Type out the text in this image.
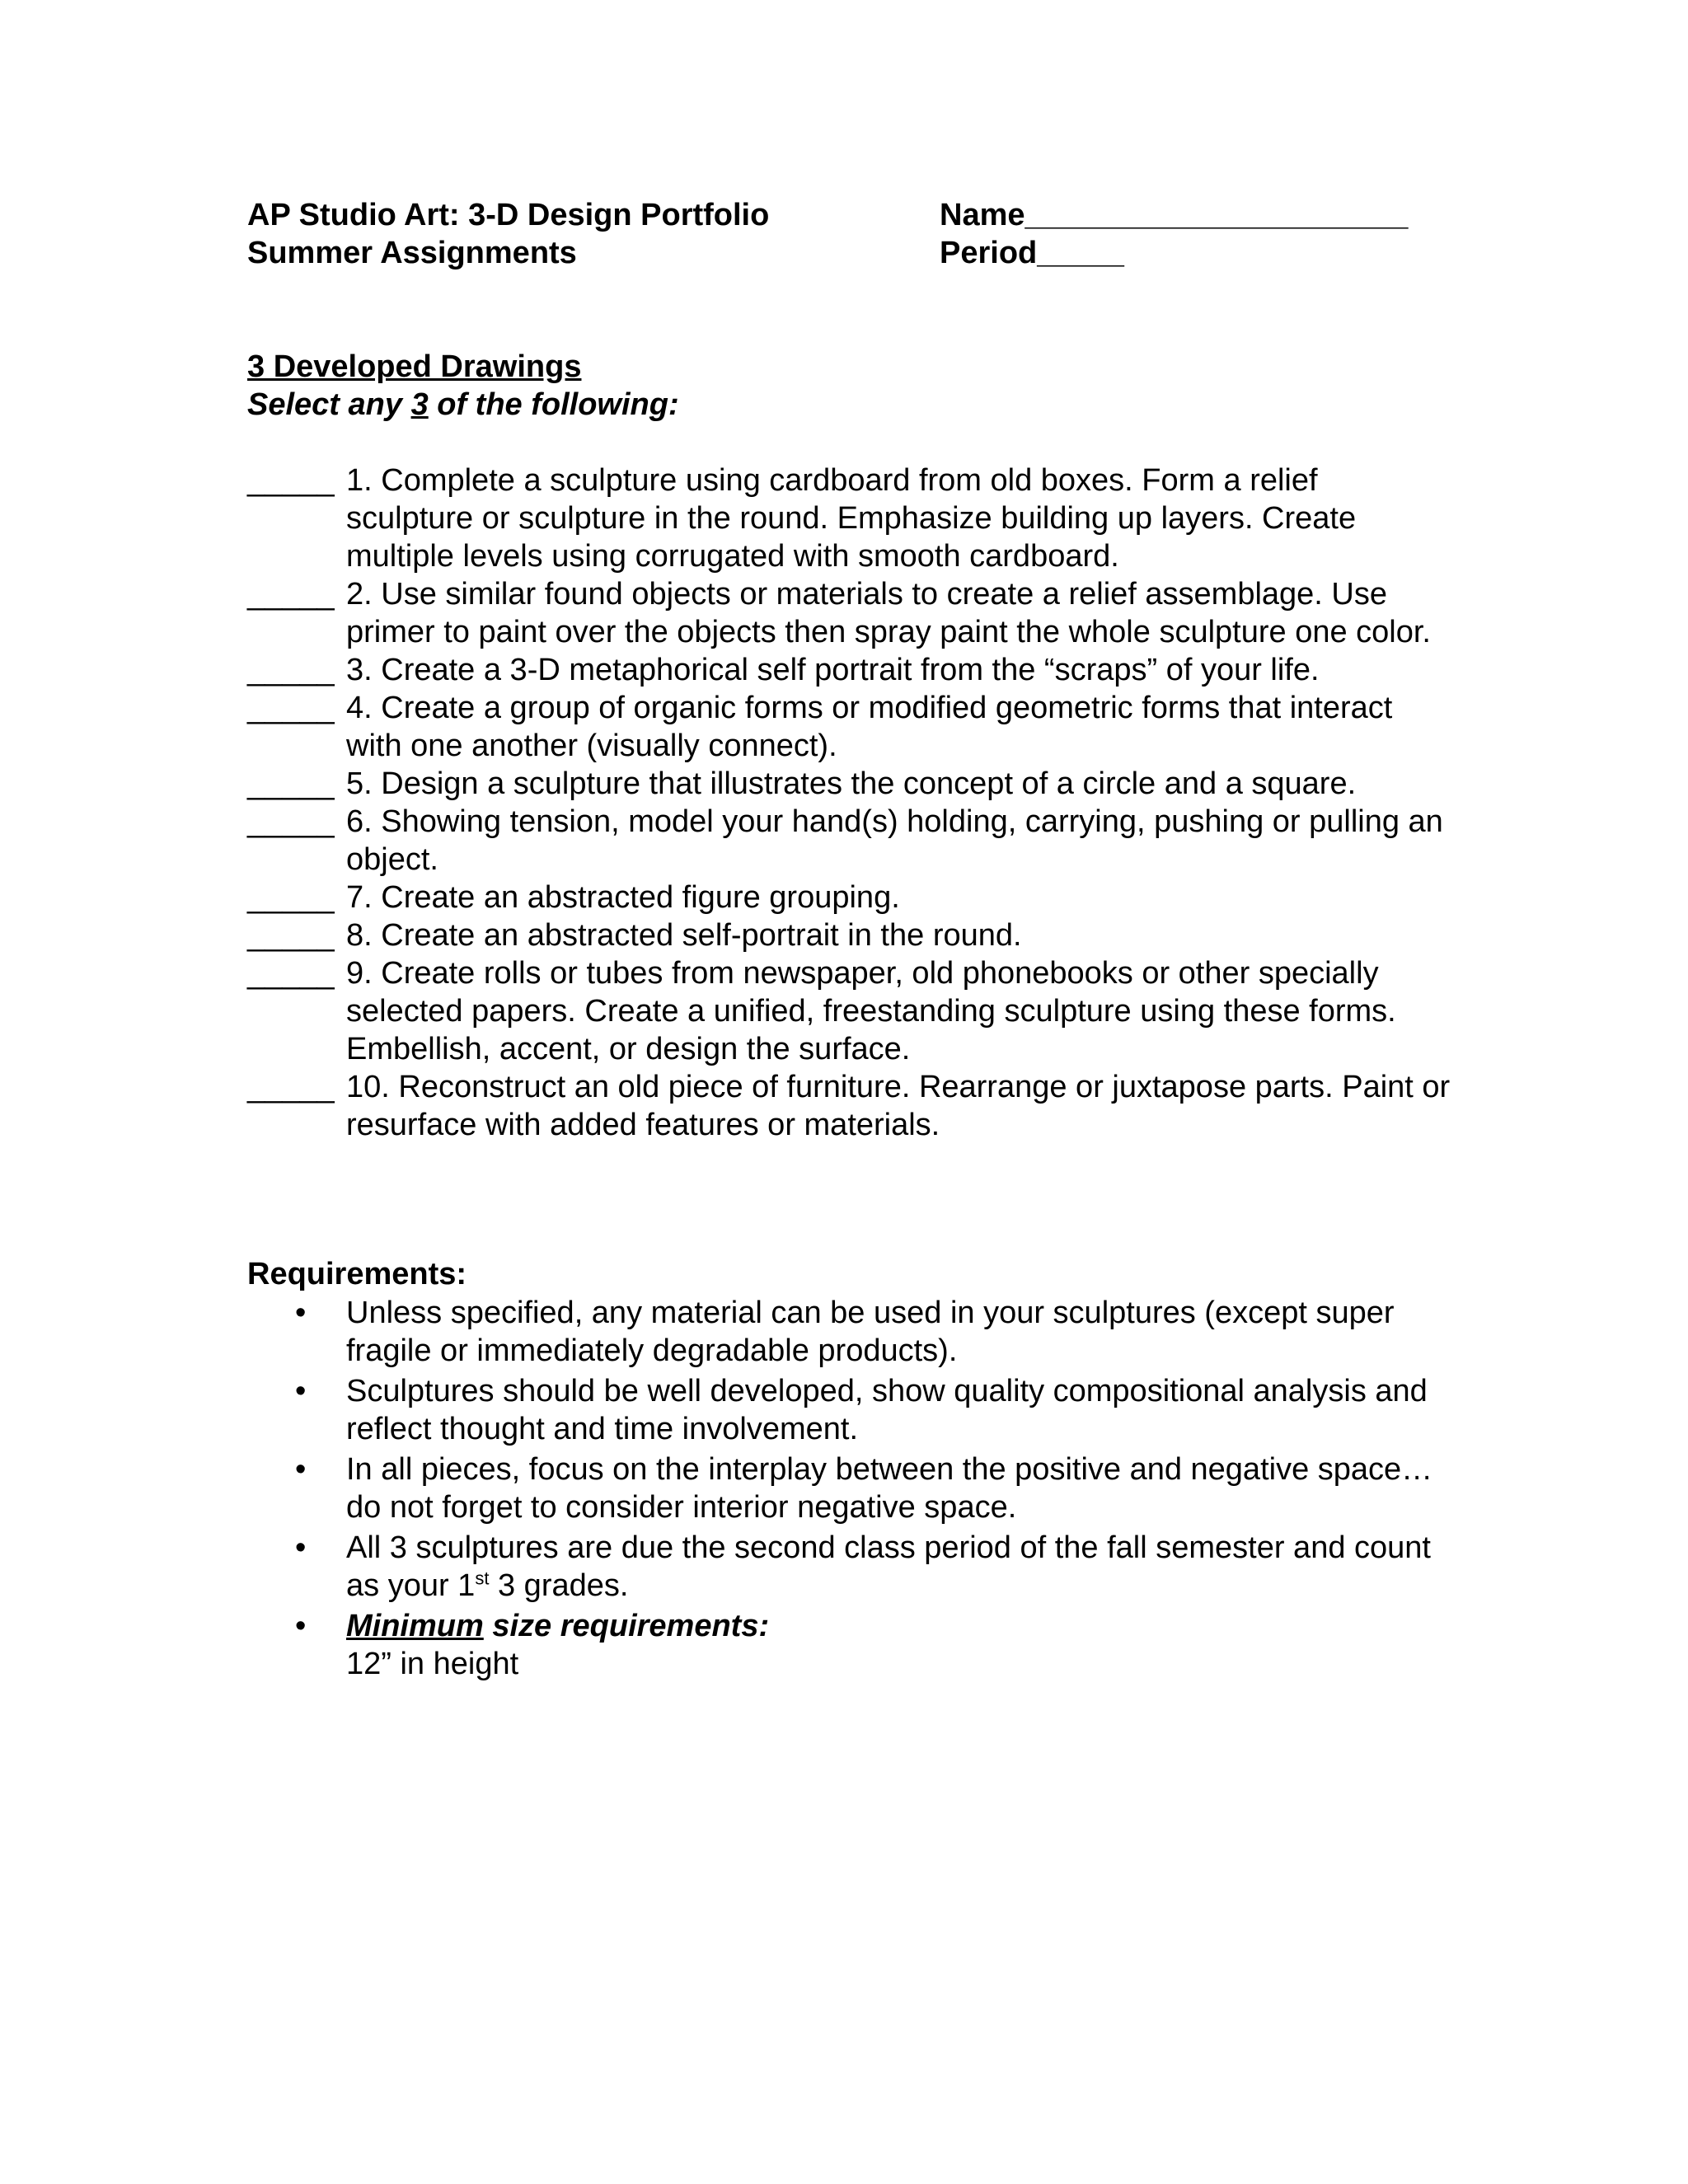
AP Studio Art: 3-D Design Portfolio
Summer Assignments
Name______________________
Period_____
3 Developed Drawings
Select any 3 of the following:
_____ 1. Complete a sculpture using cardboard from old boxes. Form a relief sculpture or sculpture in the round. Emphasize building up layers. Create multiple levels using corrugated with smooth cardboard.
_____ 2. Use similar found objects or materials to create a relief assemblage. Use primer to paint over the objects then spray paint the whole sculpture one color.
_____ 3. Create a 3-D metaphorical self portrait from the “scraps” of your life.
_____ 4. Create a group of organic forms or modified geometric forms that interact with one another (visually connect).
_____ 5. Design a sculpture that illustrates the concept of a circle and a square.
_____ 6. Showing tension, model your hand(s) holding, carrying, pushing or pulling an object.
_____ 7. Create an abstracted figure grouping.
_____ 8. Create an abstracted self-portrait in the round.
_____ 9. Create rolls or tubes from newspaper, old phonebooks or other specially selected papers. Create a unified, freestanding sculpture using these forms. Embellish, accent, or design the surface.
_____ 10. Reconstruct an old piece of furniture. Rearrange or juxtapose parts. Paint or resurface with added features or materials.
Requirements:
• Unless specified, any material can be used in your sculptures (except super fragile or immediately degradable products).
• Sculptures should be well developed, show quality compositional analysis and reflect thought and time involvement.
• In all pieces, focus on the interplay between the positive and negative space…do not forget to consider interior negative space.
• All 3 sculptures are due the second class period of the fall semester and count as your 1st 3 grades.
• Minimum size requirements:
12” in height
